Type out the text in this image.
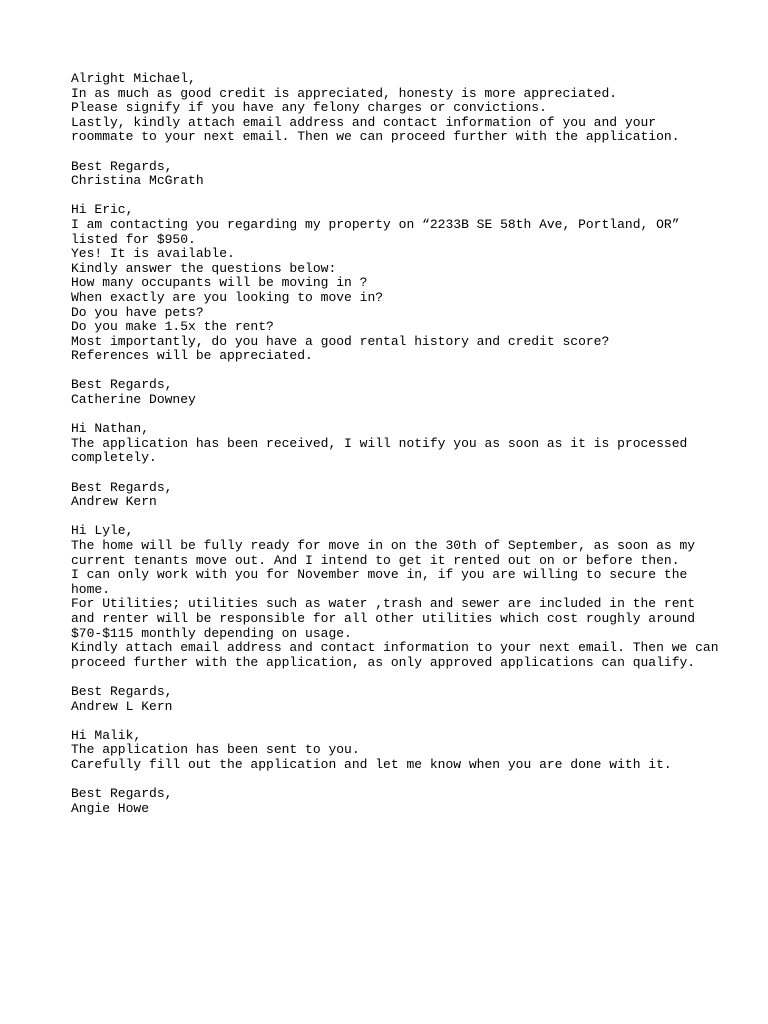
Alright Michael,
In as much as good credit is appreciated, honesty is more appreciated.
Please signify if you have any felony charges or convictions.
Lastly, kindly attach email address and contact information of you and your
roommate to your next email. Then we can proceed further with the application.
Best Regards,
Christina McGrath
Hi Eric,
I am contacting you regarding my property on “2233B SE 58th Ave, Portland, OR”
listed for $950.
Yes! It is available.
Kindly answer the questions below:
How many occupants will be moving in ?
When exactly are you looking to move in?
Do you have pets?
Do you make 1.5x the rent?
Most importantly, do you have a good rental history and credit score?
References will be appreciated.
Best Regards,
Catherine Downey
Hi Nathan,
The application has been received, I will notify you as soon as it is processed
completely.
Best Regards,
Andrew Kern
Hi Lyle,
The home will be fully ready for move in on the 30th of September, as soon as my
current tenants move out. And I intend to get it rented out on or before then.
I can only work with you for November move in, if you are willing to secure the
home.
For Utilities; utilities such as water ,trash and sewer are included in the rent
and renter will be responsible for all other utilities which cost roughly around
$70-$115 monthly depending on usage.
Kindly attach email address and contact information to your next email. Then we can
proceed further with the application, as only approved applications can qualify.
Best Regards,
Andrew L Kern
Hi Malik,
The application has been sent to you.
Carefully fill out the application and let me know when you are done with it.
Best Regards,
Angie Howe
